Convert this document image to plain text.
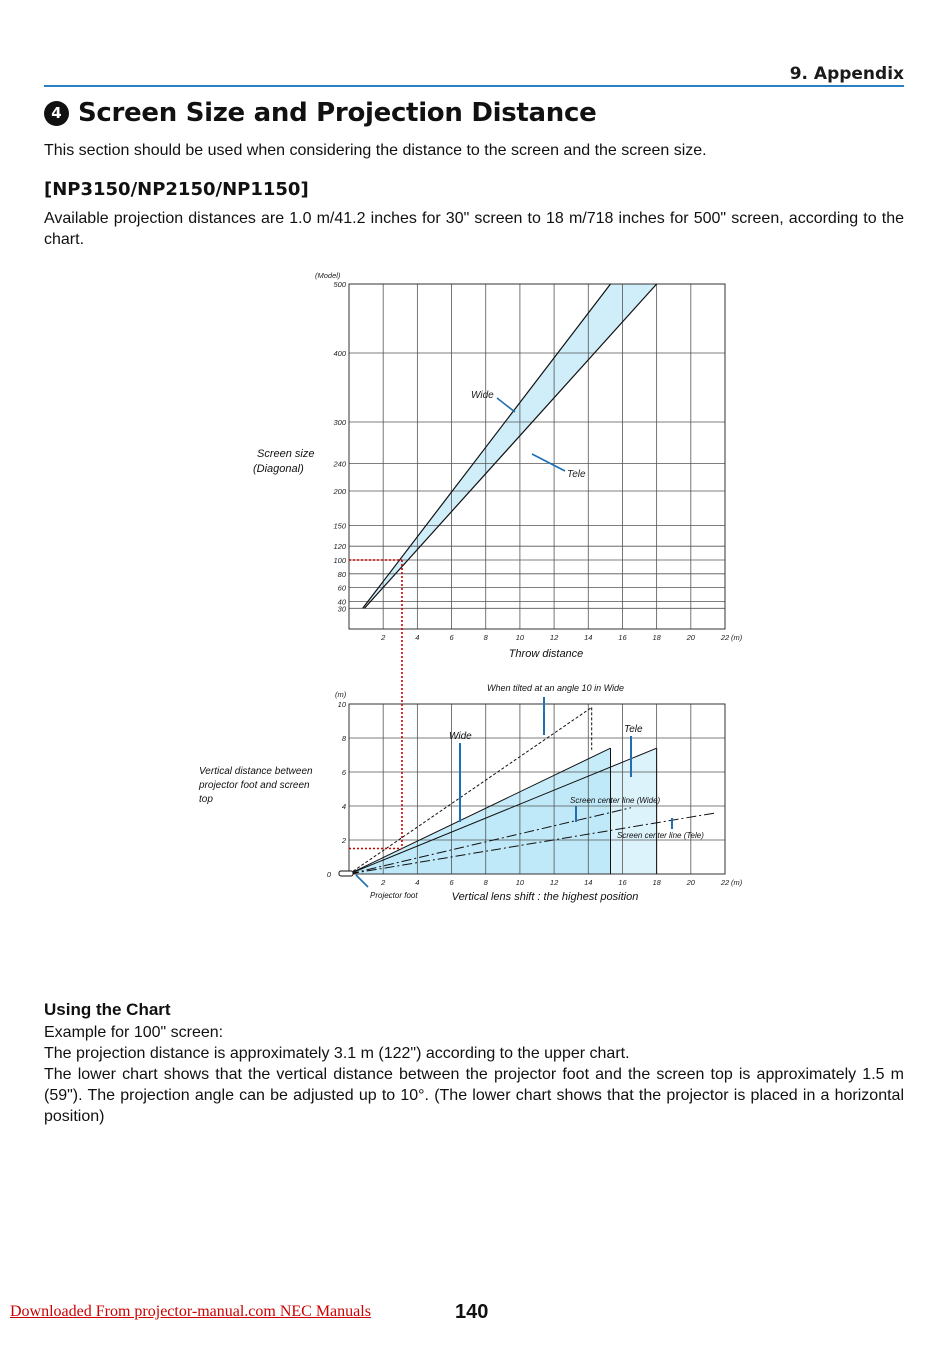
9. Appendix
4 Screen Size and Projection Distance
This section should be used when considering the distance to the screen and the screen size.
[NP3150/NP2150/NP1150]
Available projection distances are 1.0 m/41.2 inches for 30" screen to 18 m/718 inches for 500" screen, according to the chart.
2	4	6	8	10	12	14	16	18	20	22
30
40
60
80
100
120
150
200
240
300
400
500
Wide
Tele
(Model)
(m)
Screen size
(Diagonal)
Throw distance
2	4	6	8	10	12	14	16	18	20	22
0
2
4
6
8
10
When tilted at an angle 10 in Wide
Wide
Tele
Screen center line (Wide)
Screen center line (Tele)
Projector foot
(m)
(m)
Vertical distance between
projector foot and screen
top
Vertical lens shift : the highest position
Using the Chart
Example for 100" screen:
The projection distance is approximately 3.1 m (122") according to the upper chart.
The lower chart shows that the vertical distance between the projector foot and the screen top is approximately 1.5 m (59"). The projection angle can be adjusted up to 10°. (The lower chart shows that the projector is placed in a horizontal position)
Downloaded From projector-manual.com NEC Manuals	140
